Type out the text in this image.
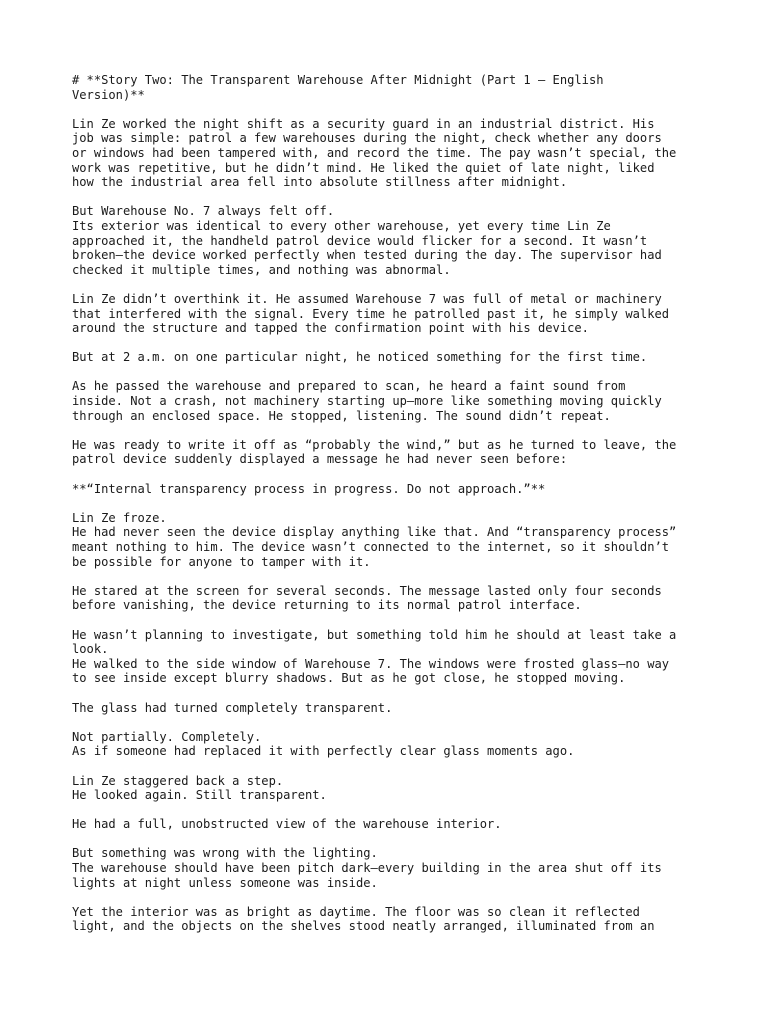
# **Story Two: The Transparent Warehouse After Midnight (Part 1 – English
Version)**
Lin Ze worked the night shift as a security guard in an industrial district. His
job was simple: patrol a few warehouses during the night, check whether any doors
or windows had been tampered with, and record the time. The pay wasn’t special, the
work was repetitive, but he didn’t mind. He liked the quiet of late night, liked
how the industrial area fell into absolute stillness after midnight.
But Warehouse No. 7 always felt off.
Its exterior was identical to every other warehouse, yet every time Lin Ze
approached it, the handheld patrol device would flicker for a second. It wasn’t
broken—the device worked perfectly when tested during the day. The supervisor had
checked it multiple times, and nothing was abnormal.
Lin Ze didn’t overthink it. He assumed Warehouse 7 was full of metal or machinery
that interfered with the signal. Every time he patrolled past it, he simply walked
around the structure and tapped the confirmation point with his device.
But at 2 a.m. on one particular night, he noticed something for the first time.
As he passed the warehouse and prepared to scan, he heard a faint sound from
inside. Not a crash, not machinery starting up—more like something moving quickly
through an enclosed space. He stopped, listening. The sound didn’t repeat.
He was ready to write it off as “probably the wind,” but as he turned to leave, the
patrol device suddenly displayed a message he had never seen before:
**“Internal transparency process in progress. Do not approach.”**
Lin Ze froze.
He had never seen the device display anything like that. And “transparency process”
meant nothing to him. The device wasn’t connected to the internet, so it shouldn’t
be possible for anyone to tamper with it.
He stared at the screen for several seconds. The message lasted only four seconds
before vanishing, the device returning to its normal patrol interface.
He wasn’t planning to investigate, but something told him he should at least take a
look.
He walked to the side window of Warehouse 7. The windows were frosted glass—no way
to see inside except blurry shadows. But as he got close, he stopped moving.
The glass had turned completely transparent.
Not partially. Completely.
As if someone had replaced it with perfectly clear glass moments ago.
Lin Ze staggered back a step.
He looked again. Still transparent.
He had a full, unobstructed view of the warehouse interior.
But something was wrong with the lighting.
The warehouse should have been pitch dark—every building in the area shut off its
lights at night unless someone was inside.
Yet the interior was as bright as daytime. The floor was so clean it reflected
light, and the objects on the shelves stood neatly arranged, illuminated from an
